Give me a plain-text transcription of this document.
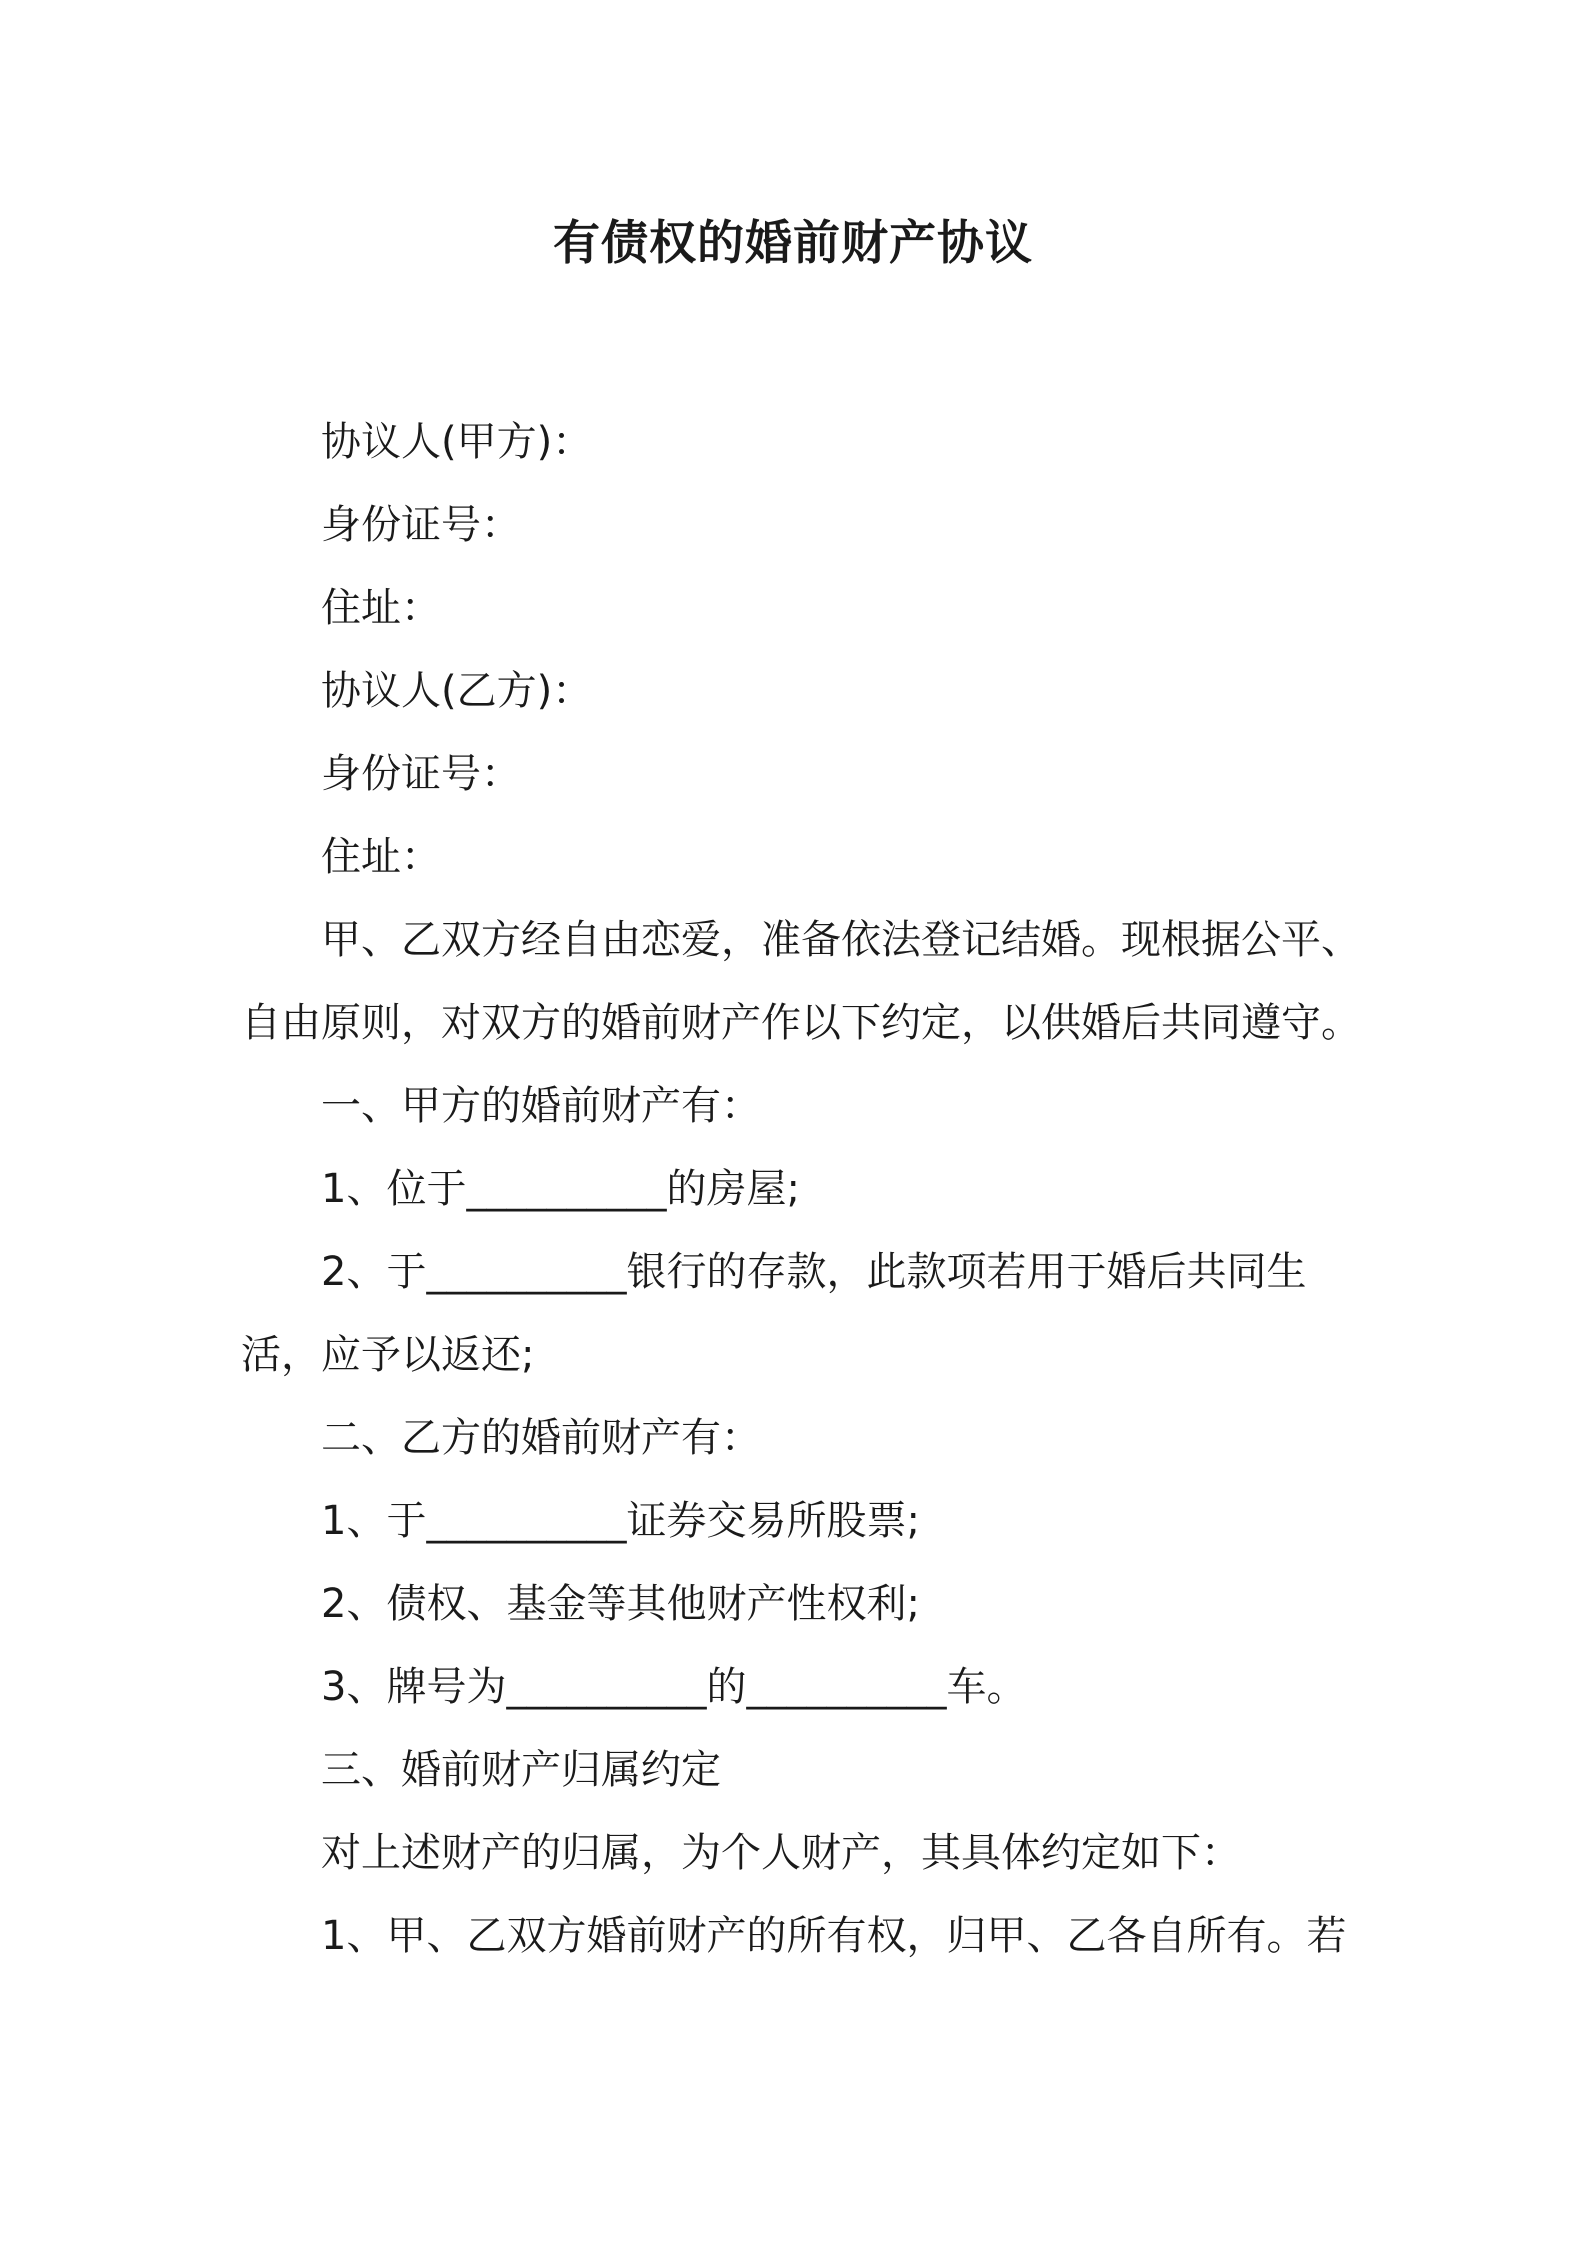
有债权的婚前财产协议

协议人(甲方)：

身份证号：

住址：

协议人(乙方)：

身份证号：

住址：

甲、乙双方经自由恋爱，准备依法登记结婚。现根据公平、

自由原则，对双方的婚前财产作以下约定，以供婚后共同遵守。

一、甲方的婚前财产有：

1、位于__________的房屋;

2、于__________银行的存款，此款项若用于婚后共同生

活，应予以返还;

二、乙方的婚前财产有：

1、于__________证券交易所股票;

2、债权、基金等其他财产性权利;

3、牌号为__________的__________车。

三、婚前财产归属约定

对上述财产的归属，为个人财产，其具体约定如下：

1、甲、乙双方婚前财产的所有权，归甲、乙各自所有。若
